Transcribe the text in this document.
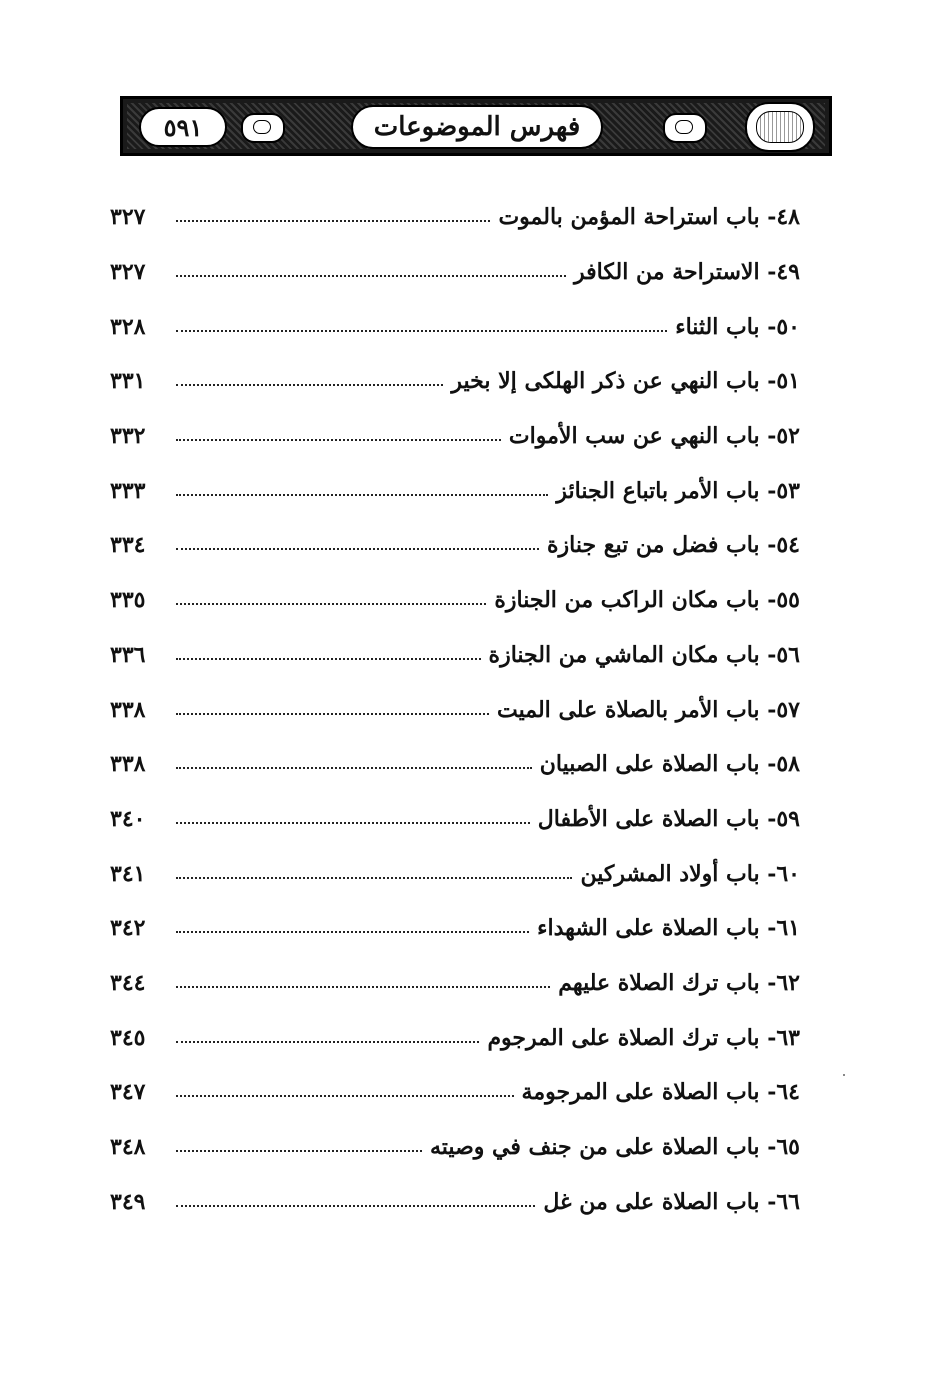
٥٩١	فهرس الموضوعات
٤٨- باب استراحة المؤمن بالموت
٣٢٧
٤٩- الاستراحة من الكافر
٣٢٧
٥٠- باب الثناء
٣٢٨
٥١- باب النهي عن ذكر الهلكى إلا بخير
٣٣١
٥٢- باب النهي عن سب الأموات
٣٣٢
٥٣- باب الأمر باتباع الجنائز
٣٣٣
٥٤- باب فضل من تبع جنازة
٣٣٤
٥٥- باب مكان الراكب من الجنازة
٣٣٥
٥٦- باب مكان الماشي من الجنازة
٣٣٦
٥٧- باب الأمر بالصلاة على الميت
٣٣٨
٥٨- باب الصلاة على الصبيان
٣٣٨
٥٩- باب الصلاة على الأطفال
٣٤٠
٦٠- باب أولاد المشركين
٣٤١
٦١- باب الصلاة على الشهداء
٣٤٢
٦٢- باب ترك الصلاة عليهم
٣٤٤
٦٣- باب ترك الصلاة على المرجوم
٣٤٥
٦٤- باب الصلاة على المرجومة
٣٤٧
٦٥- باب الصلاة على من جنف في وصيته
٣٤٨
٦٦- باب الصلاة على من غل
٣٤٩
